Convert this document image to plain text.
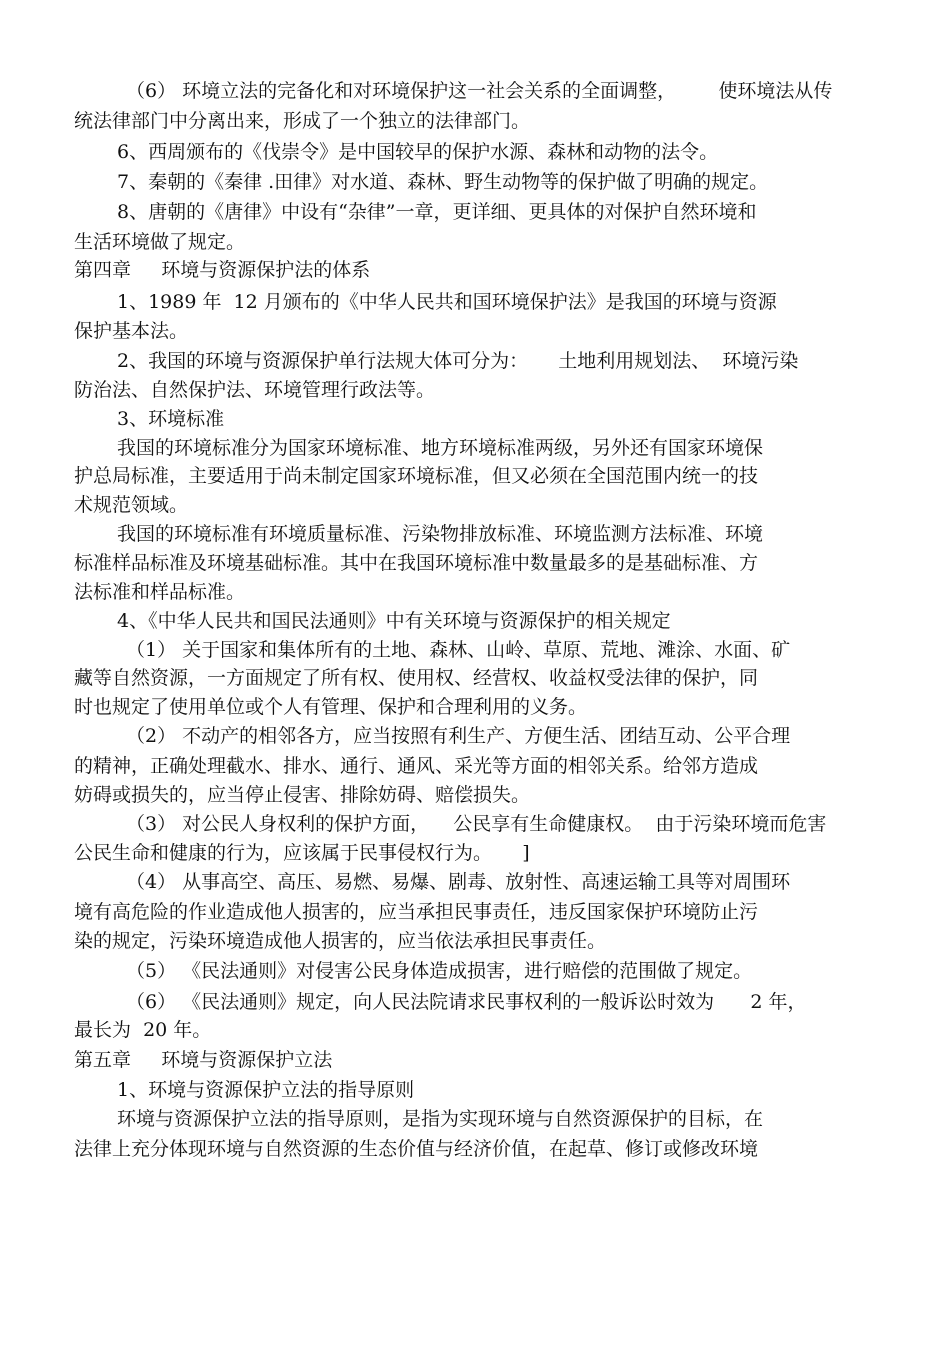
（6） 环境立法的完备化和对环境保护这一社会关系的全面调整，       使环境法从传

统法律部门中分离出来，形成了一个独立的法律部门。

6、西周颁布的《伐崇令》是中国较早的保护水源、森林和动物的法令。

7、秦朝的《秦律 .田律》对水道、森林、野生动物等的保护做了明确的规定。

8、唐朝的《唐律》中设有“杂律”一章，更详细、更具体的对保护自然环境和

生活环境做了规定。

第四章     环境与资源保护法的体系

1、1989 年  12 月颁布的《中华人民共和国环境保护法》是我国的环境与资源

保护基本法。

2、我国的环境与资源保护单行法规大体可分为：     土地利用规划法、  环境污染

防治法、自然保护法、环境管理行政法等。

3、环境标准

我国的环境标准分为国家环境标准、地方环境标准两级，另外还有国家环境保

护总局标准，主要适用于尚未制定国家环境标准，但又必须在全国范围内统一的技

术规范领域。

我国的环境标准有环境质量标准、污染物排放标准、环境监测方法标准、环境

标准样品标准及环境基础标准。其中在我国环境标准中数量最多的是基础标准、方

法标准和样品标准。

4、《中华人民共和国民法通则》中有关环境与资源保护的相关规定

（1） 关于国家和集体所有的土地、森林、山岭、草原、荒地、滩涂、水面、矿

藏等自然资源，一方面规定了所有权、使用权、经营权、收益权受法律的保护，同

时也规定了使用单位或个人有管理、保护和合理利用的义务。

（2） 不动产的相邻各方，应当按照有利生产、方便生活、团结互动、公平合理

的精神，正确处理截水、排水、通行、通风、采光等方面的相邻关系。给邻方造成

妨碍或损失的，应当停止侵害、排除妨碍、赔偿损失。

（3） 对公民人身权利的保护方面，    公民享有生命健康权。  由于污染环境而危害

公民生命和健康的行为，应该属于民事侵权行为。     ]

（4） 从事高空、高压、易燃、易爆、剧毒、放射性、高速运输工具等对周围环

境有高危险的作业造成他人损害的，应当承担民事责任，违反国家保护环境防止污

染的规定，污染环境造成他人损害的，应当依法承担民事责任。

（5） 《民法通则》对侵害公民身体造成损害，进行赔偿的范围做了规定。

（6） 《民法通则》规定，向人民法院请求民事权利的一般诉讼时效为      2 年，

最长为  20 年。

第五章     环境与资源保护立法

1、环境与资源保护立法的指导原则

环境与资源保护立法的指导原则，是指为实现环境与自然资源保护的目标，在

法律上充分体现环境与自然资源的生态价值与经济价值，在起草、修订或修改环境
